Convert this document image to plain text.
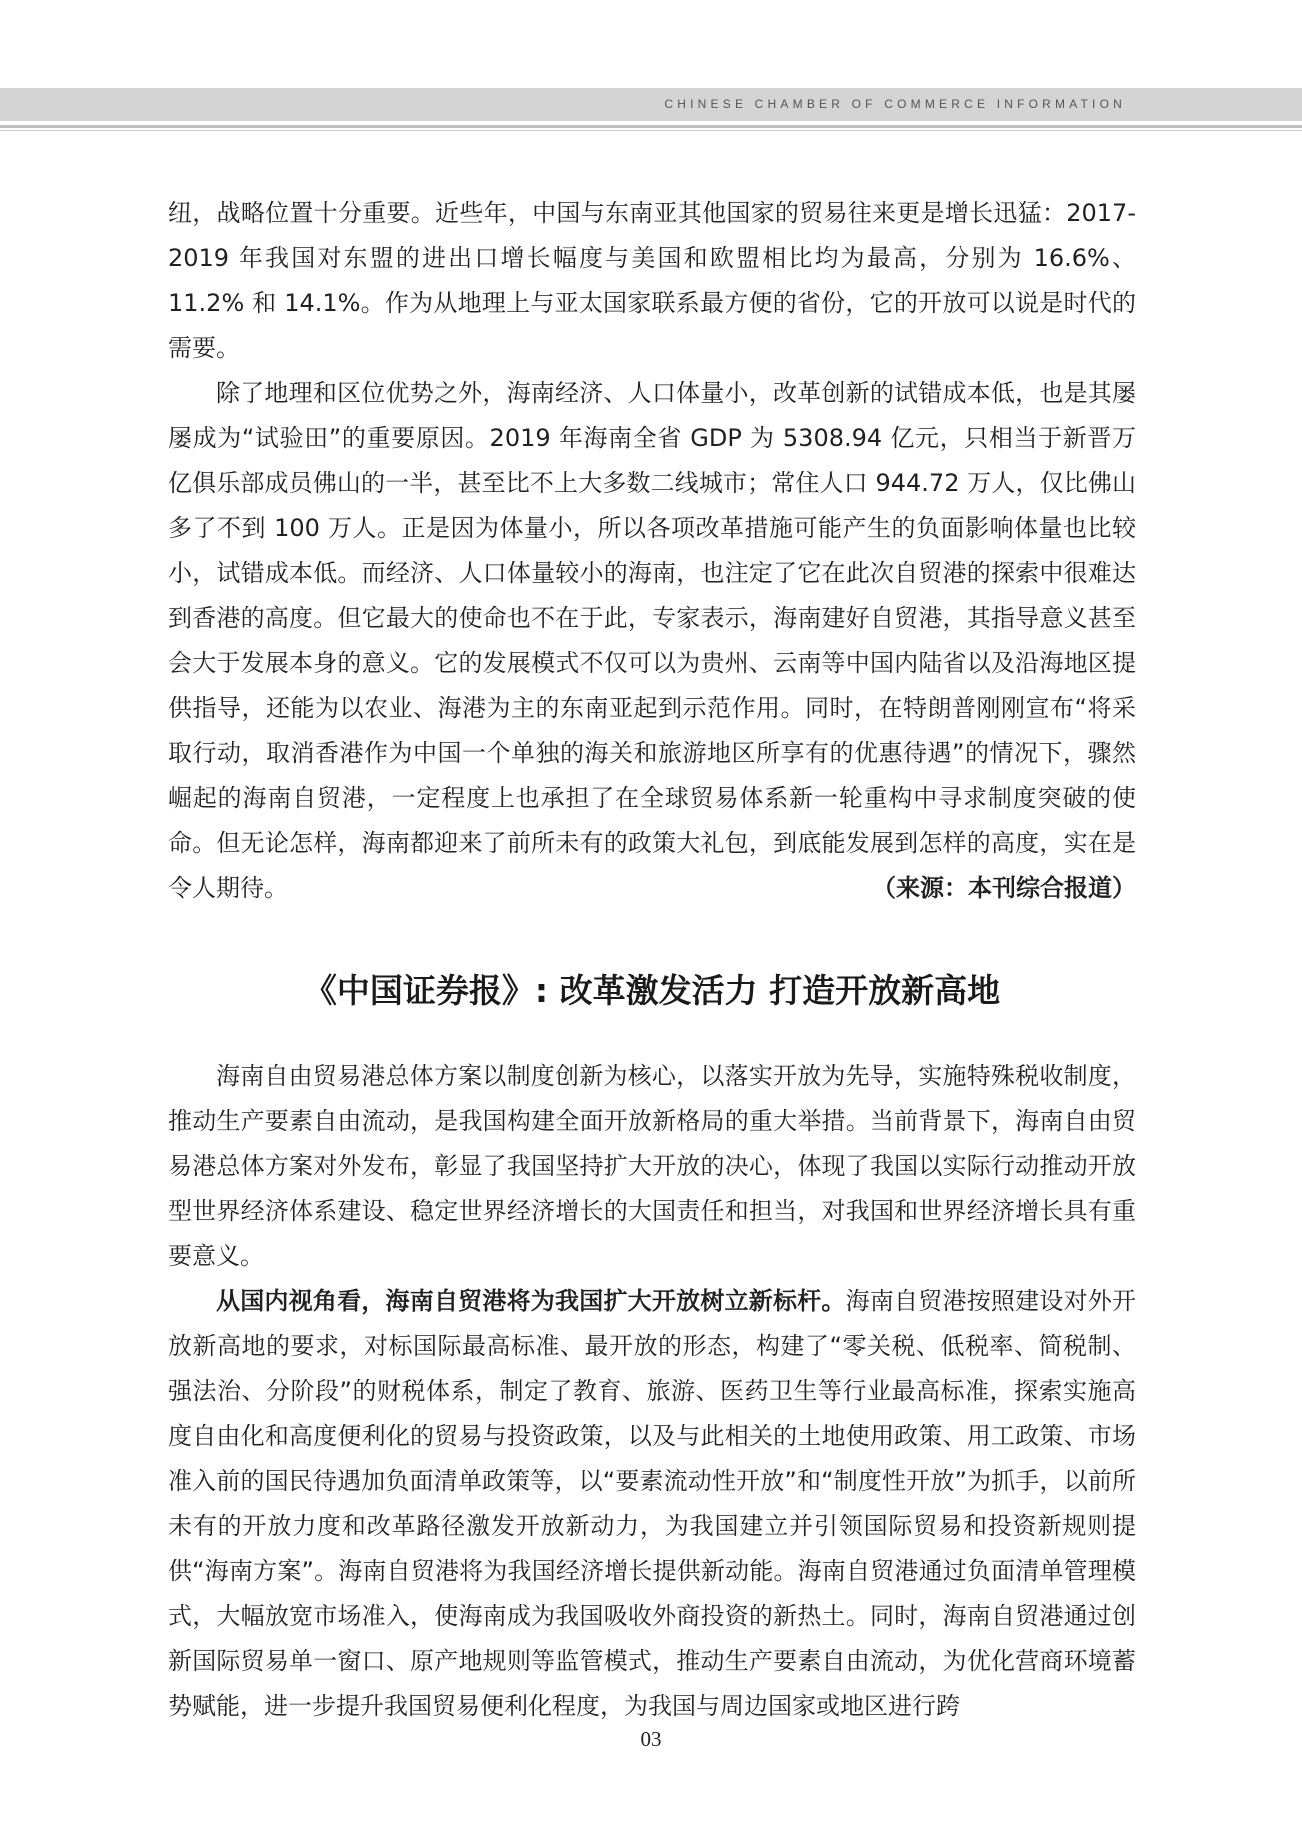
CHINESE CHAMBER OF COMMERCE INFORMATION

纽，战略位置十分重要。近些年，中国与东南亚其他国家的贸易往来更是增长迅猛：2017-2019 年我国对东盟的进出口增长幅度与美国和欧盟相比均为最高，分别为 16.6%、11.2% 和 14.1%。作为从地理上与亚太国家联系最方便的省份，它的开放可以说是时代的需要。

除了地理和区位优势之外，海南经济、人口体量小，改革创新的试错成本低，也是其屡屡成为“试验田”的重要原因。2019 年海南全省 GDP 为 5308.94 亿元，只相当于新晋万亿俱乐部成员佛山的一半，甚至比不上大多数二线城市；常住人口 944.72 万人，仅比佛山多了不到 100 万人。正是因为体量小，所以各项改革措施可能产生的负面影响体量也比较小，试错成本低。而经济、人口体量较小的海南，也注定了它在此次自贸港的探索中很难达到香港的高度。但它最大的使命也不在于此，专家表示，海南建好自贸港，其指导意义甚至会大于发展本身的意义。它的发展模式不仅可以为贵州、云南等中国内陆省以及沿海地区提供指导，还能为以农业、海港为主的东南亚起到示范作用。同时，在特朗普刚刚宣布“将采取行动，取消香港作为中国一个单独的海关和旅游地区所享有的优惠待遇”的情况下，骤然崛起的海南自贸港，一定程度上也承担了在全球贸易体系新一轮重构中寻求制度突破的使命。但无论怎样，海南都迎来了前所未有的政策大礼包，到底能发展到怎样的高度，实在是令人期待。	（来源：本刊综合报道）

《中国证券报》: 改革激发活力 打造开放新高地

海南自由贸易港总体方案以制度创新为核心，以落实开放为先导，实施特殊税收制度，推动生产要素自由流动，是我国构建全面开放新格局的重大举措。当前背景下，海南自由贸易港总体方案对外发布，彰显了我国坚持扩大开放的决心，体现了我国以实际行动推动开放型世界经济体系建设、稳定世界经济增长的大国责任和担当，对我国和世界经济增长具有重要意义。

从国内视角看，海南自贸港将为我国扩大开放树立新标杆。海南自贸港按照建设对外开放新高地的要求，对标国际最高标准、最开放的形态，构建了“零关税、低税率、简税制、强法治、分阶段”的财税体系，制定了教育、旅游、医药卫生等行业最高标准，探索实施高度自由化和高度便利化的贸易与投资政策，以及与此相关的土地使用政策、用工政策、市场准入前的国民待遇加负面清单政策等，以“要素流动性开放”和“制度性开放”为抓手，以前所未有的开放力度和改革路径激发开放新动力，为我国建立并引领国际贸易和投资新规则提供“海南方案”。海南自贸港将为我国经济增长提供新动能。海南自贸港通过负面清单管理模式，大幅放宽市场准入，使海南成为我国吸收外商投资的新热土。同时，海南自贸港通过创新国际贸易单一窗口、原产地规则等监管模式，推动生产要素自由流动，为优化营商环境蓄势赋能，进一步提升我国贸易便利化程度，为我国与周边国家或地区进行跨

03
